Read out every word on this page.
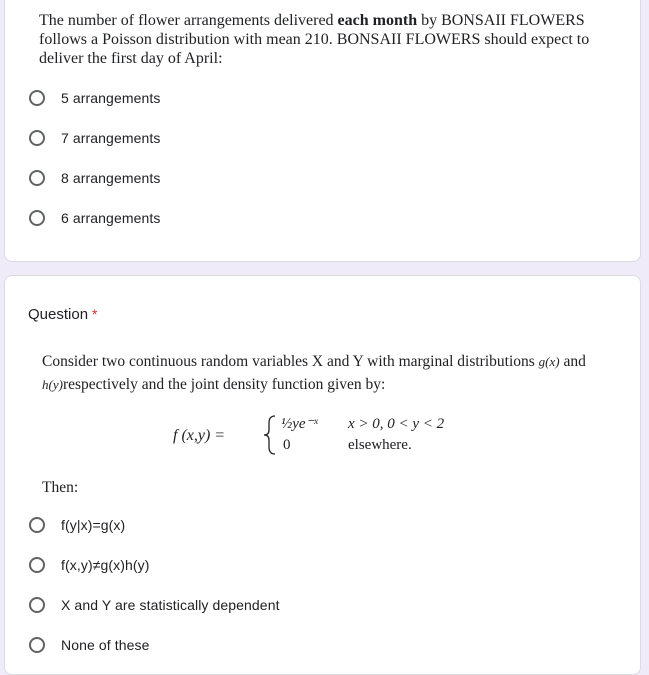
The number of flower arrangements delivered each month by BONSAII FLOWERS follows a Poisson distribution with mean 210. BONSAII FLOWERS should expect to deliver the first day of April:
5 arrangements
7 arrangements
8 arrangements
6 arrangements
Question *
Consider two continuous random variables X and Y with marginal distributions g(x) and h(y)respectively and the joint density function given by:
f (x,y) =
½ye⁻ˣ x > 0, 0 < y < 2
0	elsewhere.
Then:
f(y|x)=g(x)
f(x,y)≠g(x)h(y)
X and Y are statistically dependent
None of these
